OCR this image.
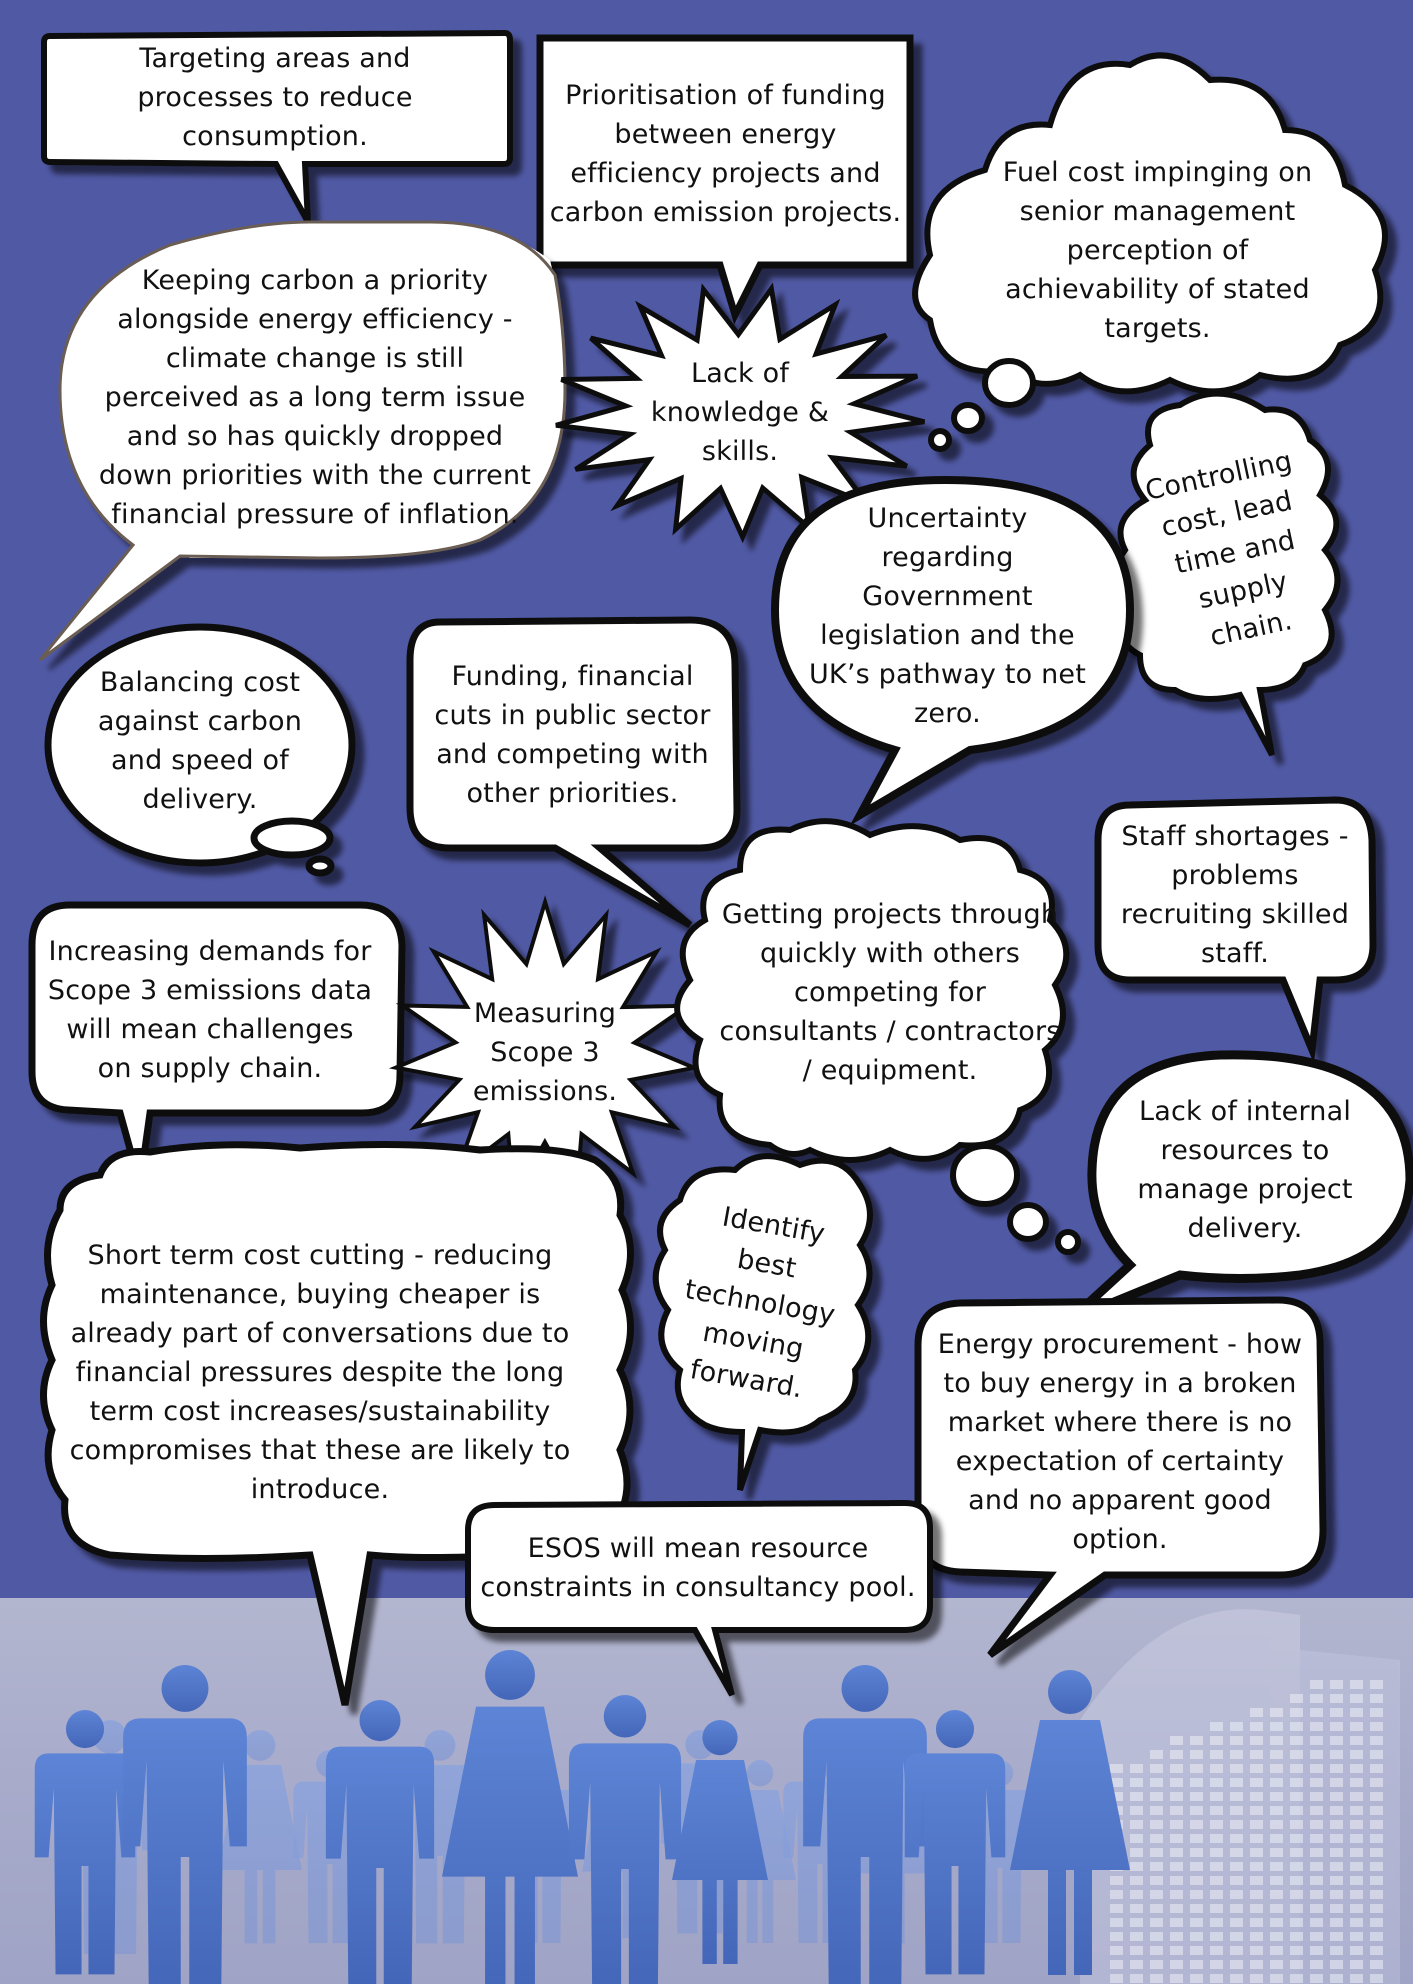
Targeting areas and processes to reduce consumption.
Prioritisation of funding between energy efficiency projects and carbon emission projects.
Fuel cost impinging on senior management perception of achievability of stated targets.
Keeping carbon a priority alongside energy efficiency - climate change is still perceived as a long term issue and so has quickly dropped down priorities with the current financial pressure of inflation.
Lack of knowledge & skills.	Controlling cost, lead time and supply chain.
Uncertainty regarding Government legislation and the UK’s pathway to net zero.
Balancing cost against carbon and speed of delivery.
Funding, financial cuts in public sector and competing with other priorities.
Staff shortages - problems recruiting skilled staff.
Increasing demands for Scope 3 emissions data will mean challenges on supply chain.
Measuring Scope 3 emissions.
Getting projects through quickly with others competing for consultants / contractors / equipment.
Lack of internal resources to manage project delivery.
Short term cost cutting - reducing maintenance, buying cheaper is already part of conversations due to financial pressures despite the long term cost increases/sustainability compromises that these are likely to introduce.
Identify best technology moving forward.
Energy procurement - how to buy energy in a broken market where there is no expectation of certainty and no apparent good option.
ESOS will mean resource constraints in consultancy pool.
